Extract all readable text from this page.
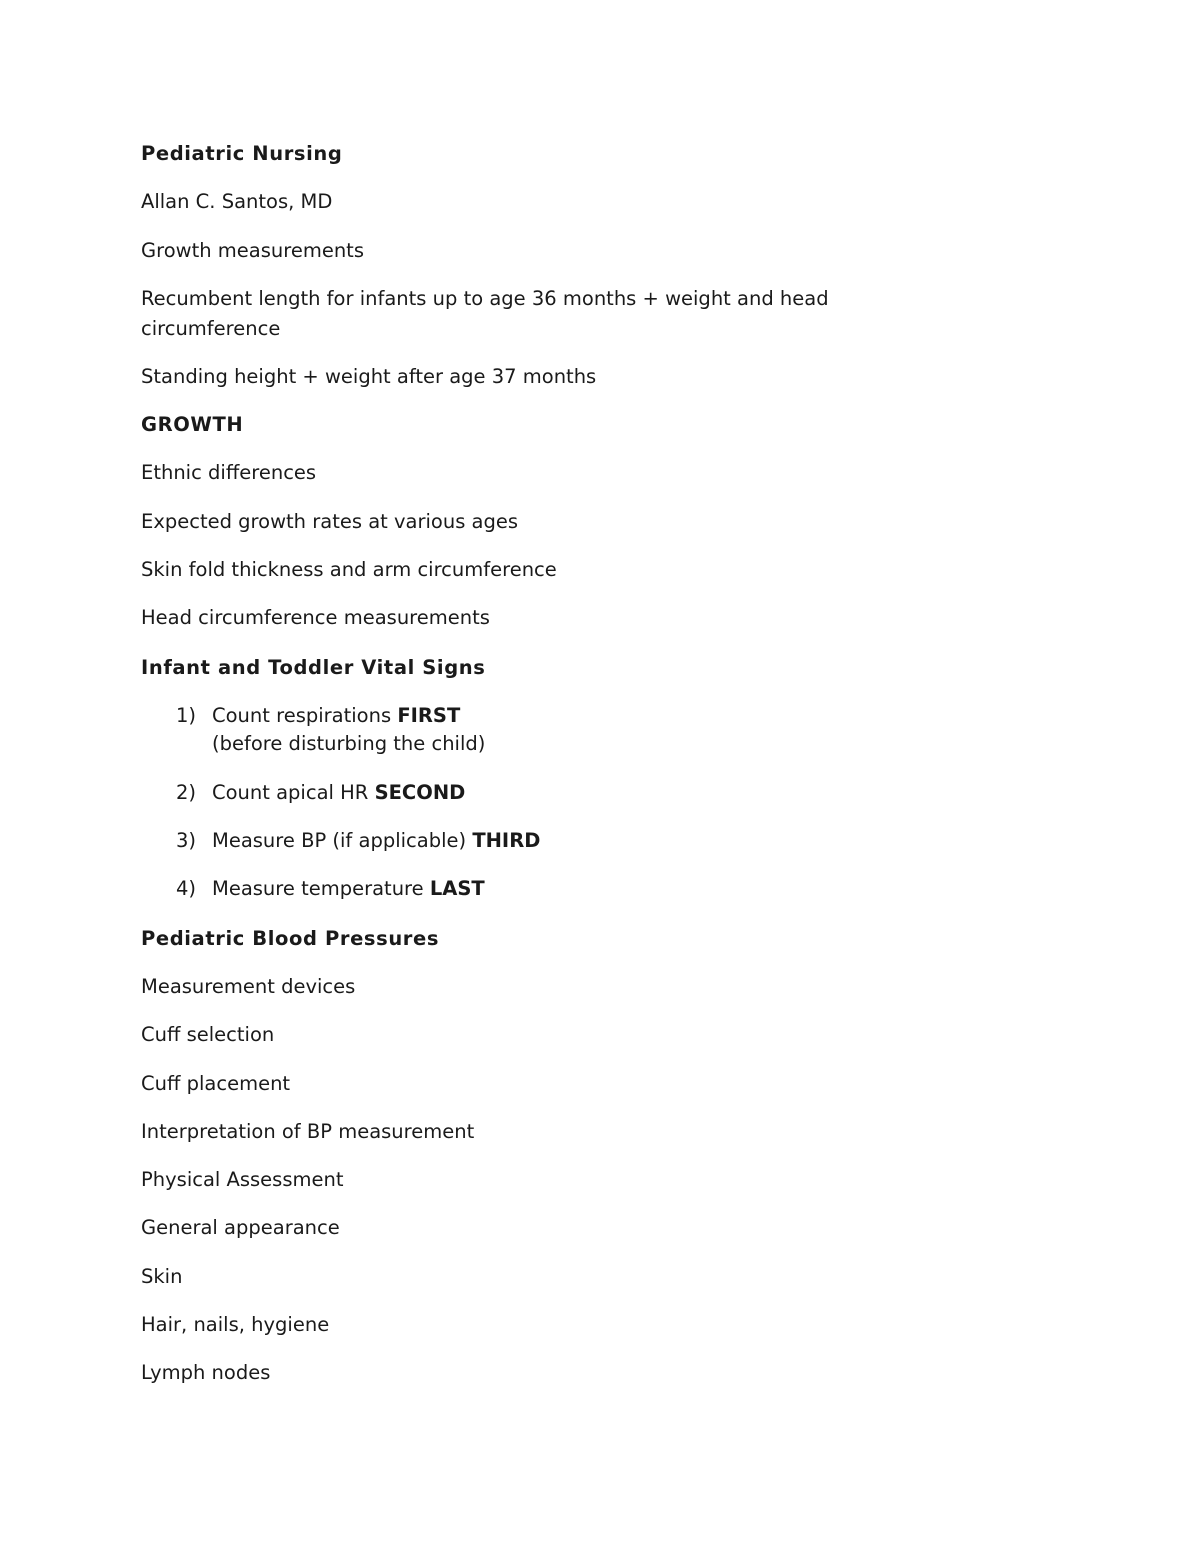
Pediatric Nursing

Allan C. Santos, MD

Growth measurements

Recumbent length for infants up to age 36 months + weight and head

circumference

Standing height + weight after age 37 months

GROWTH

Ethnic differences

Expected growth rates at various ages

Skin fold thickness and arm circumference

Head circumference measurements

Infant and Toddler Vital Signs

1) Count respirations FIRST
(before disturbing the child)
2) Count apical HR SECOND
3) Measure BP (if applicable) THIRD
4) Measure temperature LAST

Pediatric Blood Pressures

Measurement devices

Cuff selection

Cuff placement

Interpretation of BP measurement

Physical Assessment

General appearance

Skin

Hair, nails, hygiene

Lymph nodes
